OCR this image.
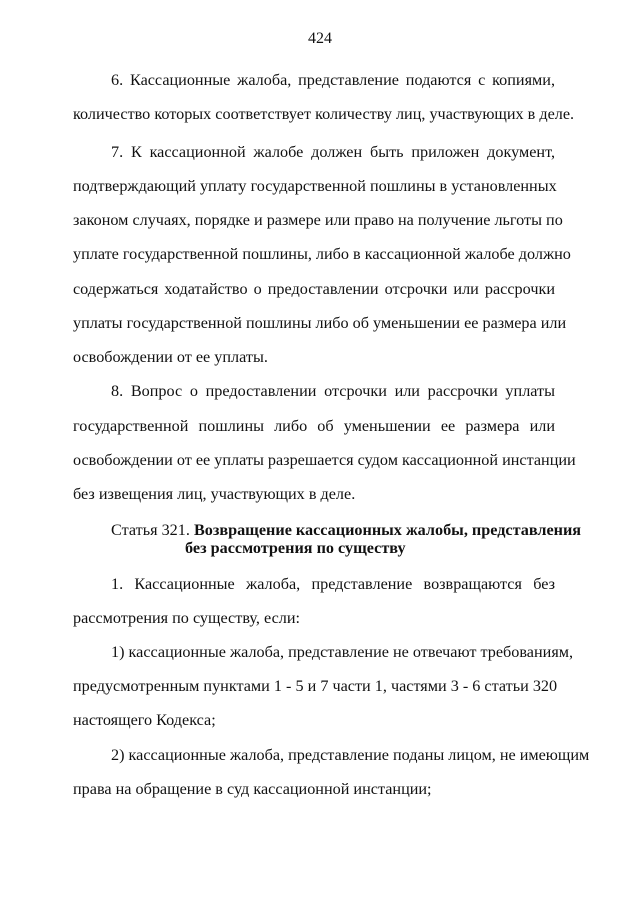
424
6. Кассационные жалоба, представление подаются с копиями,
количество которых соответствует количеству лиц, участвующих в деле.
7. К кассационной жалобе должен быть приложен документ,
подтверждающий уплату государственной пошлины в установленных
законом случаях, порядке и размере или право на получение льготы по
уплате государственной пошлины, либо в кассационной жалобе должно
содержаться ходатайство о предоставлении отсрочки или рассрочки
уплаты государственной пошлины либо об уменьшении ее размера или
освобождении от ее уплаты.
8. Вопрос о предоставлении отсрочки или рассрочки уплаты
государственной пошлины либо об уменьшении ее размера или
освобождении от ее уплаты разрешается судом кассационной инстанции
без извещения лиц, участвующих в деле.
Статья 321. Возвращение кассационных жалобы, представления
без рассмотрения по существу
1. Кассационные жалоба, представление возвращаются без
рассмотрения по существу, если:
1) кассационные жалоба, представление не отвечают требованиям,
предусмотренным пунктами 1 - 5 и 7 части 1, частями 3 - 6 статьи 320
настоящего Кодекса;
2) кассационные жалоба, представление поданы лицом, не имеющим
права на обращение в суд кассационной инстанции;
